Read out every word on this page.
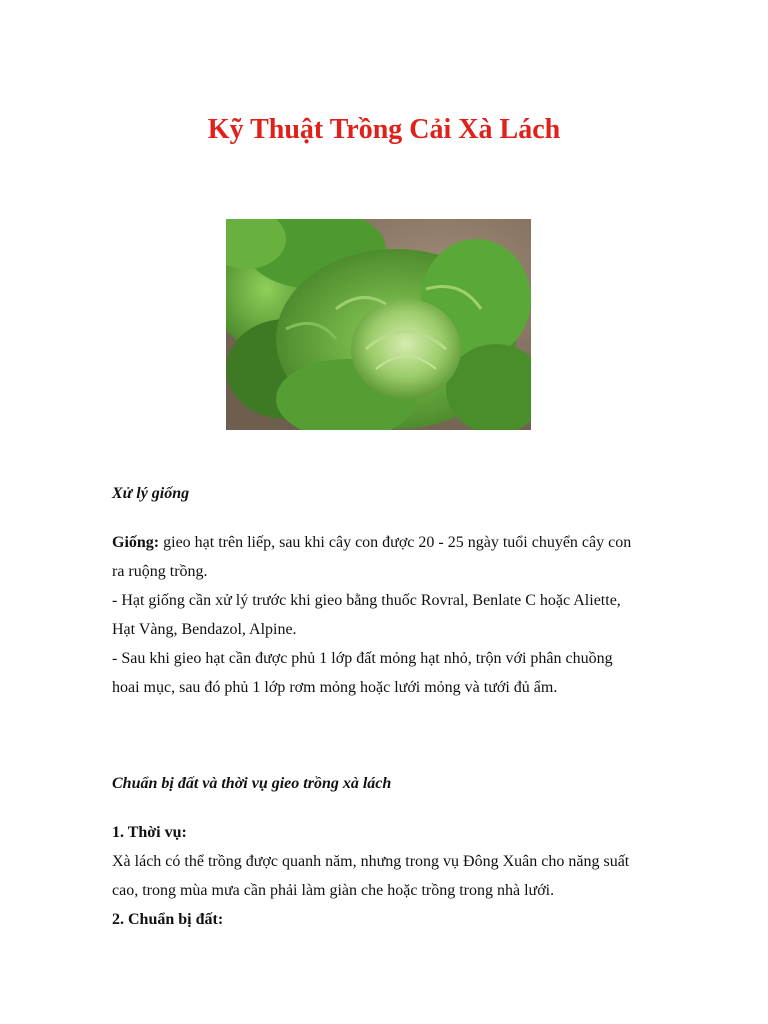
Kỹ Thuật Trồng Cải Xà Lách
Xử lý giống
Giống: gieo hạt trên liếp, sau khi cây con được 20 - 25 ngày tuổi chuyển cây con
ra ruộng trồng.
- Hạt giống cần xử lý trước khi gieo bằng thuốc Rovral, Benlate C hoặc Aliette,
Hạt Vàng, Bendazol, Alpine.
- Sau khi gieo hạt cần được phủ 1 lớp đất mỏng hạt nhỏ, trộn với phân chuồng
hoai mục, sau đó phủ 1 lớp rơm mỏng hoặc lưới mỏng và tưới đủ ẩm.
Chuẩn bị đất và thời vụ gieo trồng xà lách
1. Thời vụ:
Xà lách có thể trồng được quanh năm, nhưng trong vụ Đông Xuân cho năng suất
cao, trong mùa mưa cần phải làm giàn che hoặc trồng trong nhà lưới.
2. Chuẩn bị đất:
